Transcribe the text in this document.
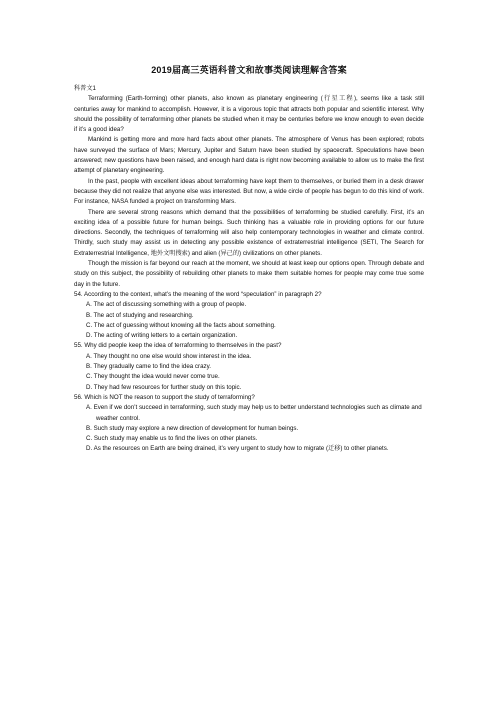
2019届高三英语科普文和故事类阅读理解含答案
科普文1

Terraforming (Earth-forming) other planets, also known as planetary engineering (行星工程), seems like a task still centuries away for mankind to accomplish. However, it is a vigorous topic that attracts both popular and scientific interest. Why should the possibility of terraforming other planets be studied when it may be centuries before we know enough to even decide if it’s a good idea?

Mankind is getting more and more hard facts about other planets. The atmosphere of Venus has been explored; robots have surveyed the surface of Mars; Mercury, Jupiter and Saturn have been studied by spacecraft. Speculations have been answered; new questions have been raised, and enough hard data is right now becoming available to allow us to make the first attempt of planetary engineering.

In the past, people with excellent ideas about terraforming have kept them to themselves, or buried them in a desk drawer because they did not realize that anyone else was interested. But now, a wide circle of people has begun to do this kind of work. For instance, NASA funded a project on transforming Mars.

There are several strong reasons which demand that the possibilities of terraforming be studied carefully. First, it’s an exciting idea of a possible future for human beings. Such thinking has a valuable role in providing options for our future directions. Secondly, the techniques of terraforming will also help contemporary technologies in weather and climate control. Thirdly, such study may assist us in detecting any possible existence of extraterrestrial intelligence (SETI, The Search for Extraterrestrial Intelligence, 地外文明搜索) and alien (异己的) civilizations on other planets.

Though the mission is far beyond our reach at the moment, we should at least keep our options open. Through debate and study on this subject, the possibility of rebuilding other planets to make them suitable homes for people may come true some day in the future.

54. According to the context, what’s the meaning of the word “speculation” in paragraph 2?

A. The act of discussing something with a group of people.

B. The act of studying and researching.

C. The act of guessing without knowing all the facts about something.

D. The acting of writing letters to a certain organization.

55. Why did people keep the idea of terraforming to themselves in the past?

A. They thought no one else would show interest in the idea.

B. They gradually came to find the idea crazy.

C. They thought the idea would never come true.

D. They had few resources for further study on this topic.

56. Which is NOT the reason to support the study of terraforming?

A. Even if we don’t succeed in terraforming, such study may help us to better understand technologies such as climate and weather control.

B. Such study may explore a new direction of development for human beings.

C. Such study may enable us to find the lives on other planets.

D. As the resources on Earth are being drained, it’s very urgent to study how to migrate (迁移) to other planets.
